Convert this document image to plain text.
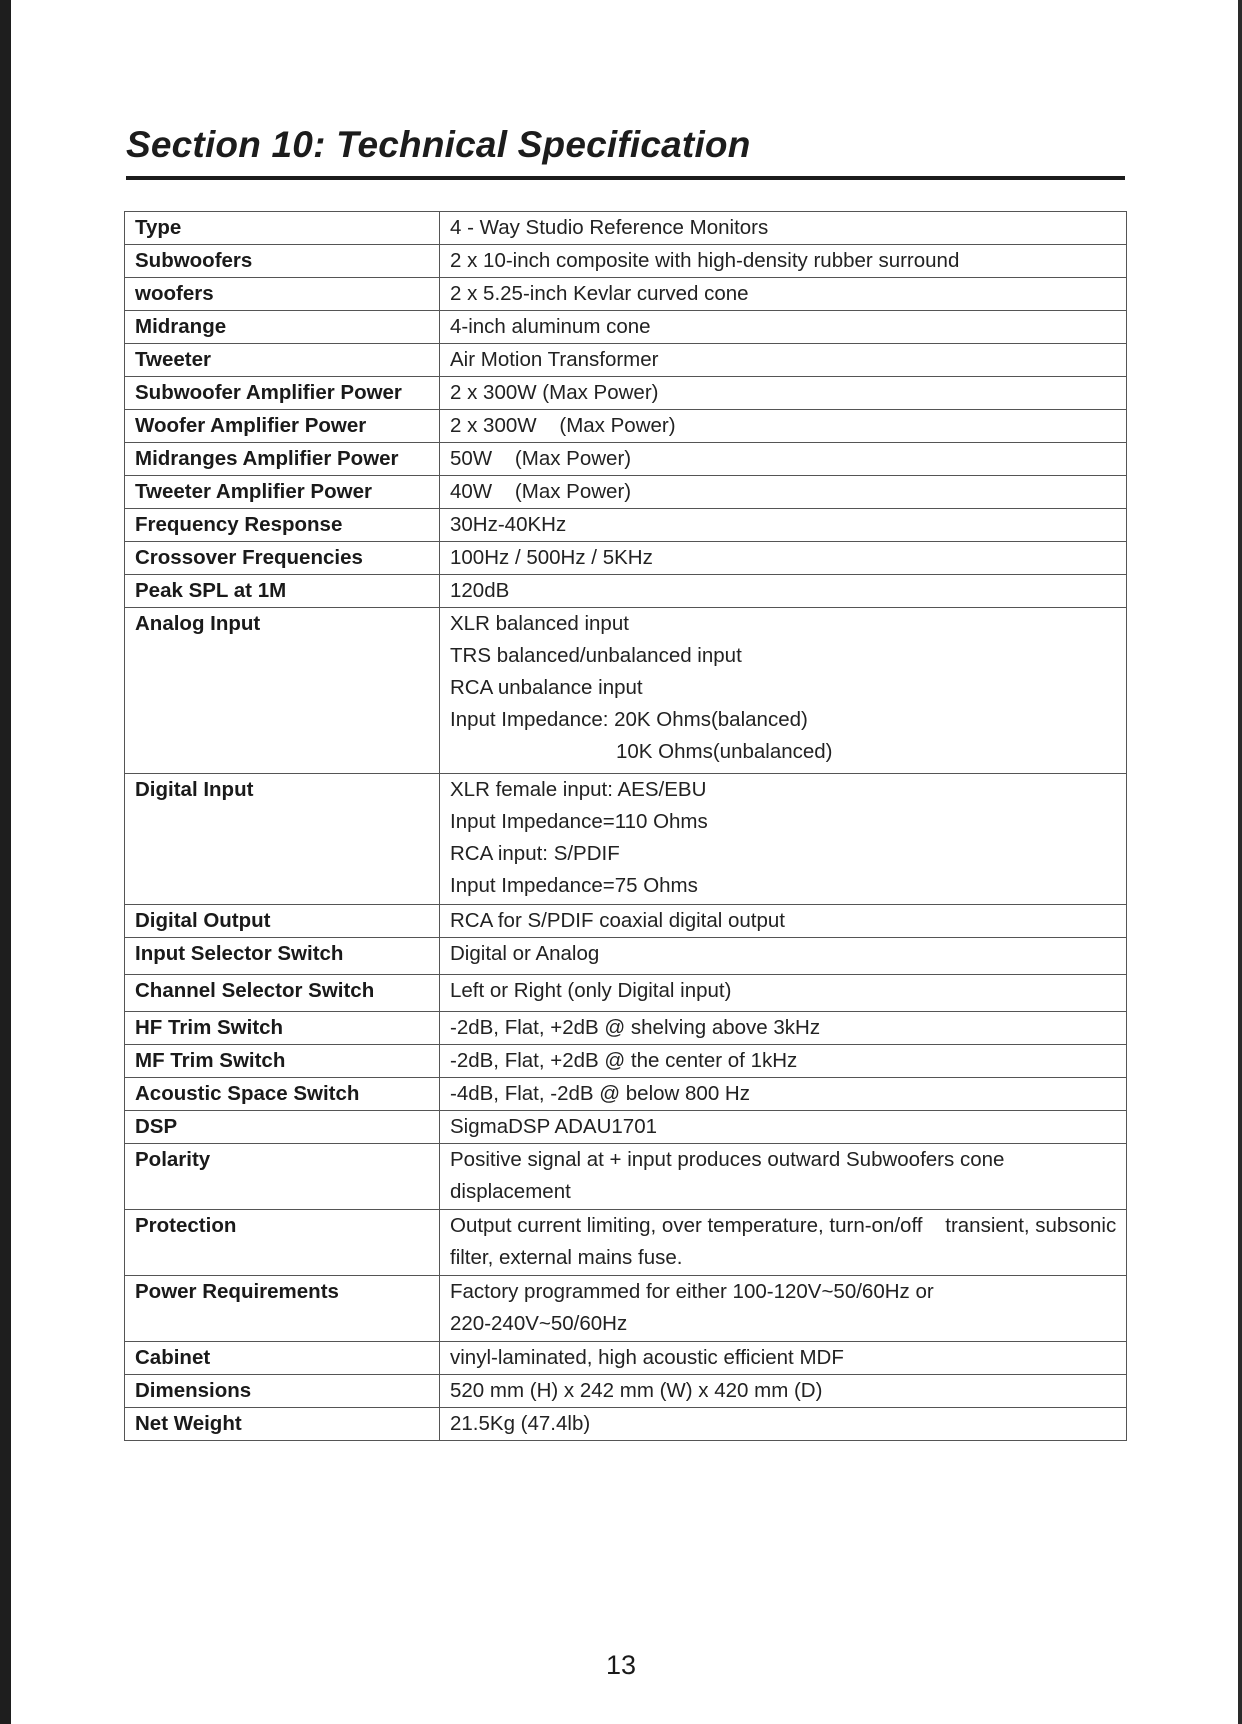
Section 10: Technical Specification
Type	4 - Way Studio Reference Monitors

Subwoofers	2 x 10-inch composite with high-density rubber surround

woofers	2 x 5.25-inch Kevlar curved cone

Midrange	4-inch aluminum cone

Tweeter	Air Motion Transformer

Subwoofer Amplifier Power	2 x 300W (Max Power)

Woofer Amplifier Power	2 x 300W    (Max Power)

Midranges Amplifier Power	50W    (Max Power)

Tweeter Amplifier Power	40W    (Max Power)

Frequency Response	30Hz-40KHz

Crossover Frequencies	100Hz / 500Hz / 5KHz

Peak SPL at 1M	120dB

Analog Input	XLR balanced input
TRS balanced/unbalanced input
RCA unbalance input
Input Impedance: 20K Ohms(balanced)
10K Ohms(unbalanced)

Digital Input	XLR female input: AES/EBU
Input Impedance=110 Ohms
RCA input: S/PDIF
Input Impedance=75 Ohms

Digital Output	RCA for S/PDIF coaxial digital output

Input Selector Switch	Digital or Analog

Channel Selector Switch	Left or Right (only Digital input)

HF Trim Switch	-2dB, Flat, +2dB @ shelving above 3kHz

MF Trim Switch	-2dB, Flat, +2dB @ the center of 1kHz

Acoustic Space Switch	-4dB, Flat, -2dB @ below 800 Hz

DSP	SigmaDSP ADAU1701

Polarity	Positive signal at + input produces outward Subwoofers cone
displacement

Protection	Output current limiting, over temperature, turn-on/off    transient, subsonic
filter, external mains fuse.

Power Requirements	Factory programmed for either 100-120V~50/60Hz or
220-240V~50/60Hz

Cabinet	vinyl-laminated, high acoustic efficient MDF

Dimensions	520 mm (H) x 242 mm (W) x 420 mm (D)

Net Weight	21.5Kg (47.4lb)
13
